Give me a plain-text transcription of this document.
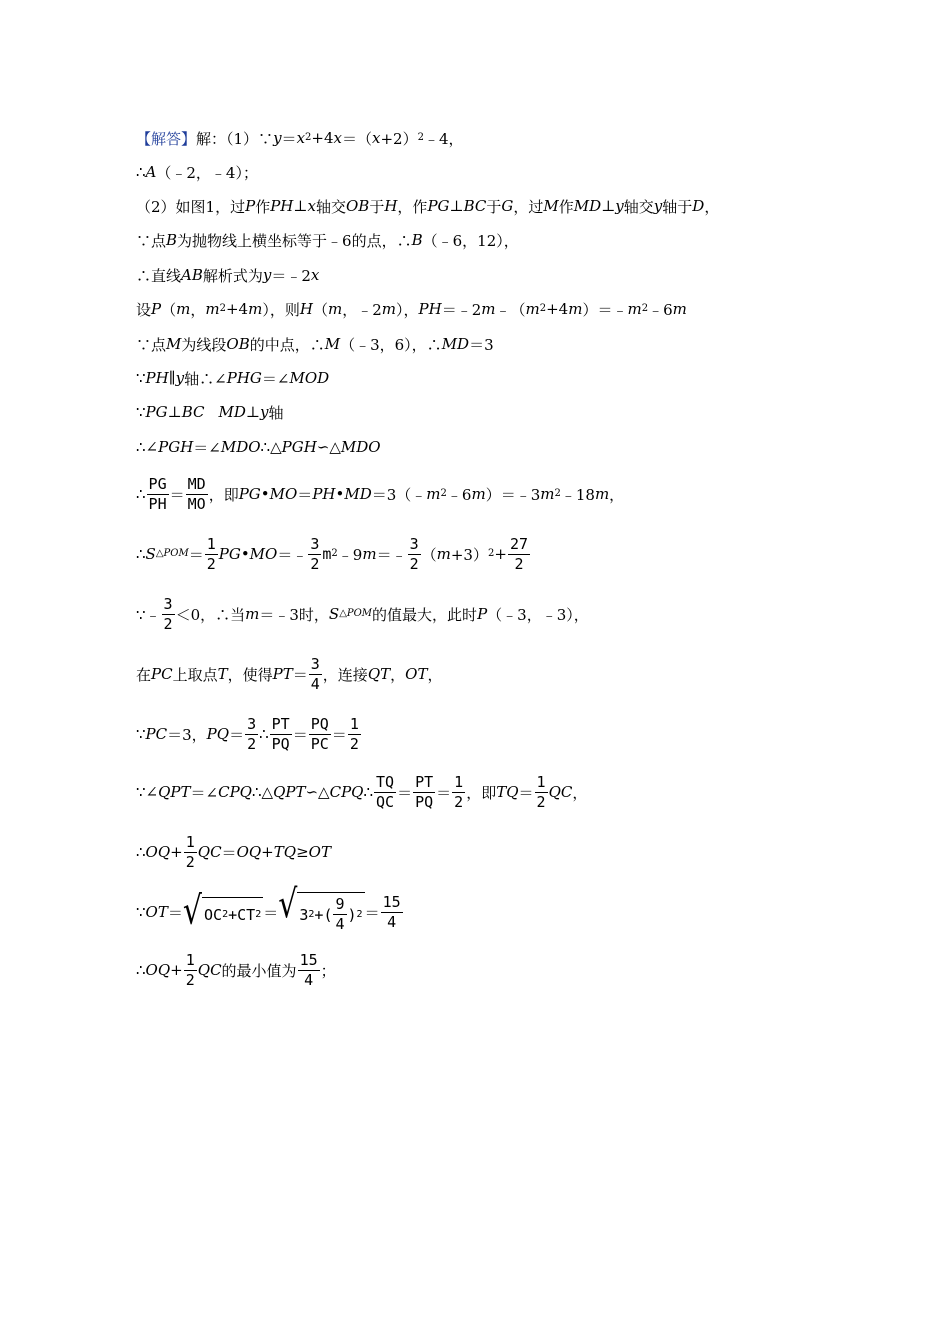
【解答】 解：（1）∵ y ＝ x 2 +4 x ＝（ x +2） 2 ﹣4，
∴ A （﹣2，﹣4）；
（2）如图1，过 P 作 PH ⊥ x 轴交 OB 于 H ，作 PG ⊥ BC 于 G ，过 M 作 MD ⊥ y 轴交 y 轴于 D ，
∵点 B 为抛物线上横坐标等于﹣6的点，∴ B （﹣6，12），
∴直线 AB 解析式为 y ＝﹣2 x
设 P （ m ， m 2 +4 m ），则 H （ m ，﹣2 m ）， PH ＝﹣2 m ﹣（ m 2 +4 m ）＝﹣ m 2 ﹣6 m
∵点 M 为线段 OB 的中点，∴ M （﹣3，6），∴ MD ＝3
∵ PH ∥ y 轴∴∠ PHG ＝∠ MOD
∵ PG ⊥ BC MD ⊥ y 轴
∴∠ PGH ＝∠ MDO ∴△ PGH ∽△ MDO
∴ $\frac{PG}{PH} = \frac{MD}{MO}$ ，即 PG • MO ＝ PH • MD ＝3（﹣ m 2 ﹣6 m ）＝﹣3 m 2 ﹣18 m ，
∴ S △POM ＝ $\frac{1}{2}$ PG • MO ＝﹣ $\frac{3}{2}$ m 2 ﹣9 m ＝﹣ $\frac{3}{2}$ （ m +3） $2 + \frac{27}{2}$
∵﹣ $\frac{3}{2} <0$，∴当 m ＝﹣3时， S △POM 的值最大，此时 P （﹣3，﹣3），
在 PC 上取点 T ，使得 PT ＝ $\frac{3}{4}$ ，连接 QT ， OT ，
∵ PC ＝3， PQ ＝ $\frac{3}{2}$ ∴ $\frac{PT}{PQ} = \frac{PQ}{PC} = \frac{1}{2}$
∵∠ QPT ＝∠ CPQ ∴△ QPT ∽△ CPQ ∴ $\frac{TQ}{QC} = \frac{PT}{PQ} = \frac{1}{2}$ ，即 TQ ＝ $\frac{1}{2}$ QC ，
∴ OQ + $\frac{1}{2}$ QC ＝ OQ + TQ ≥ OT
∵ OT ＝ √ OC 2 +CT 2 ＝ √ 3 2 +( $\frac{9}{4}$ ) $2 = \frac{15}{4}$
∴ OQ + $\frac{1}{2}$ QC 的最小值为 $\frac{15}{4}$ ；
